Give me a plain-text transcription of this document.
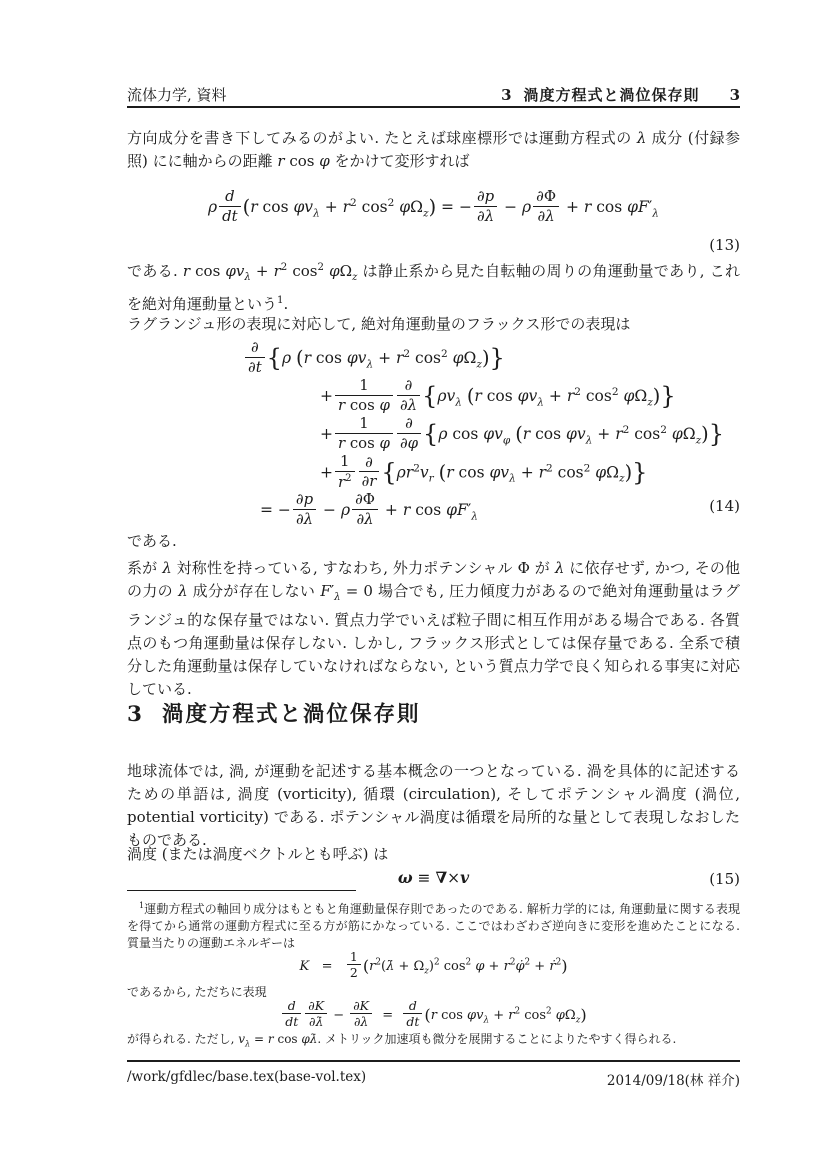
流体力学, 資料	3 渦度方程式と渦位保存則 3
方向成分を書き下してみるのがよい. たとえば球座標形では運動方程式の λ 成分 (付録参照) にに軸からの距離 r cos φ をかけて変形すれば
ρ $\frac{d}{dt} (r$ $\cos \varphi v_\lambda + r^2$ $\cos^2 \varphi\Omega_z$) = − $\frac{\partial p}{\partial\lambda} - \rho \frac{\partial\Phi}{\partial\lambda} + r$ $\cos \varphi F'_\lambda$
(13)
である. r $\cos \varphi v_\lambda + r^2$ $\cos^2 \varphi\Omega_z$ は静止系から見た自転軸の周りの角運動量であり, これを絶対角運動量という$^1$.
ラグランジュ形の表現に対応して, 絶対角運動量のフラックス形での表現は
$\frac{\partial}{\partial t} \{\rho$ (r $\cos \varphi v_\lambda + r^2$ $\cos^2 \varphi\Omega_z$)}
+ $\frac{1}{\text{r cos φ}} \frac{\partial}{\partial\lambda} \{\rho v_\lambda$ (r $\cos \varphi v_\lambda + r^2$ $\cos^2 \varphi\Omega_z$)}
+ $\frac{1}{\text{r cos φ}} \frac{\partial}{\partial\varphi} \{\rho$ $\cos \varphi v_\varphi$ (r $\cos \varphi v_\lambda + r^2$ $\cos^2 \varphi\Omega_z$)}
+ $\frac{1}{r^2} \frac{\partial}{\partial r} \{\rho r^2v_r$ (r $\cos \varphi v_\lambda + r^2$ $\cos^2 \varphi\Omega_z$)}
= − $\frac{\partial p}{\partial\lambda} - \rho \frac{\partial\Phi}{\partial\lambda} + r$ $\cos \varphi F'_\lambda$
(14)
である.
系が λ 対称性を持っている, すなわち, 外力ポテンシャル Φ が λ に依存せず, かつ, その他の力の λ 成分が存在しない $F'_\lambda = 0$ 場合でも, 圧力傾度力があるので絶対角運動量はラグランジュ的な保存量ではない. 質点力学でいえば粒子間に相互作用がある場合である. 各質点のもつ角運動量は保存しない. しかし, フラックス形式としては保存量である. 全系で積分した角運動量は保存していなければならない, という質点力学で良く知られる事実に対応している.
3 渦度方程式と渦位保存則
地球流体では, 渦, が運動を記述する基本概念の一つとなっている. 渦を具体的に記述するための単語は, 渦度 (vorticity), 循環 (circulation), そしてポテンシャル渦度 (渦位, potential vorticity) である. ポテンシャル渦度は循環を局所的な量として表現しなおしたものである.
渦度 (または渦度ベクトルとも呼ぶ) は
ω ≡ ∇×v	(15)
$^1$運動方程式の軸回り成分はもともと角運動量保存則であったのである. 解析力学的には, 角運動量に関する表現を得てから通常の運動方程式に至る方が筋にかなっている. ここではわざわざ逆向きに変形を進めたことになる. 質量当たりの運動エネルギーは
$K = \frac{1}{2}$ ($r^2(\lambdȧ + \Omega_z)^2$ $\cos^2 \varphi$ + $r^2\varphi̇^2$ + ṙ$^2$)
であるから, ただちに表現
$\frac{d}{dt} \frac{\partial K}{\partial\lambdȧ} - \frac{\partial K}{\partial\lambda} = \frac{d}{dt} (r$ $\cos \varphi v_\lambda + r^2$ $\cos^2 \varphi\Omega_z$)
が得られる. ただし, $v_\lambda = r$ cos φλ̇. メトリック加速項も微分を展開することによりたやすく得られる.
/work/gfdlec/base.tex(base-vol.tex)	2014/09/18(林 祥介)
